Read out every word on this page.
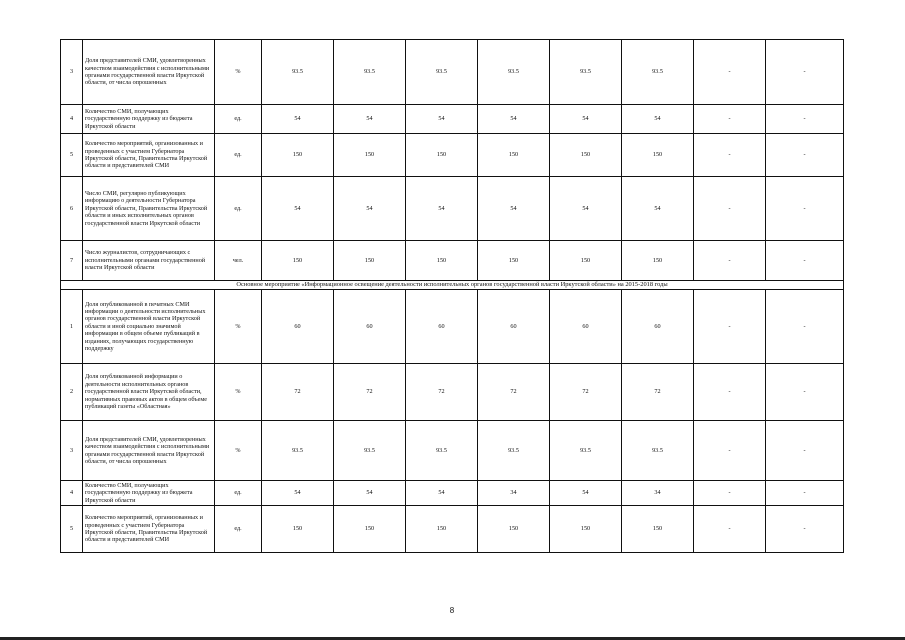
3	Доля представителей СМИ, удовлетворенных качеством взаимодействия с исполнительными органами государственной власти Иркутской области, от числа опрошенных	%	93.5	93.5	93.5	93.5	93.5	93.5	-	-
4	Количество СМИ, получающих государственную поддержку из бюджета Иркутской области	ед.	54	54	54	54	54	54	-	-
5	Количество мероприятий, организованных и проведенных с участием Губернатора Иркутской области, Правительства Иркутской области и представителей СМИ	ед.	150	150	150	150	150	150	-	-
6	Число СМИ, регулярно публикующих информацию о деятельности Губернатора Иркутской области, Правительства Иркутской области и иных исполнительных органов государственной власти Иркутской области	ед.	54	54	54	54	54	54	-	-
7	Число журналистов, сотрудничающих с исполнительными органами государственной власти Иркутской области	чел.	150	150	150	150	150	150	-	-
Основное мероприятие «Информационное освещение деятельности исполнительных органов государственной власти Иркутской области» на 2015-2018 годы										
1	Доля опубликованной в печатных СМИ информации о деятельности исполнительных органов государственной власти Иркутской области и иной социально значимой информации в общем объеме публикаций в изданиях, получающих государственную поддержку	%	60	60	60	60	60	60	-	-
2	Доля опубликованной информации о деятельности исполнительных органов государственной власти Иркутской области, нормативных правовых актов в общем объеме публикаций газеты «Областная»	%	72	72	72	72	72	72	-	-
3	Доля представителей СМИ, удовлетворенных качеством взаимодействия с исполнительными органами государственной власти Иркутской области, от числа опрошенных	%	93.5	93.5	93.5	93.5	93.5	93.5	-	-
4	Количество СМИ, получающих государственную поддержку из бюджета Иркутской области	ед.	54	54	54	34	54	34	-	-
5	Количество мероприятий, организованных и проведенных с участием Губернатора Иркутской области, Правительства Иркутской области и представителей СМИ	ед.	150	150	150	150	150	150	-	-
8
